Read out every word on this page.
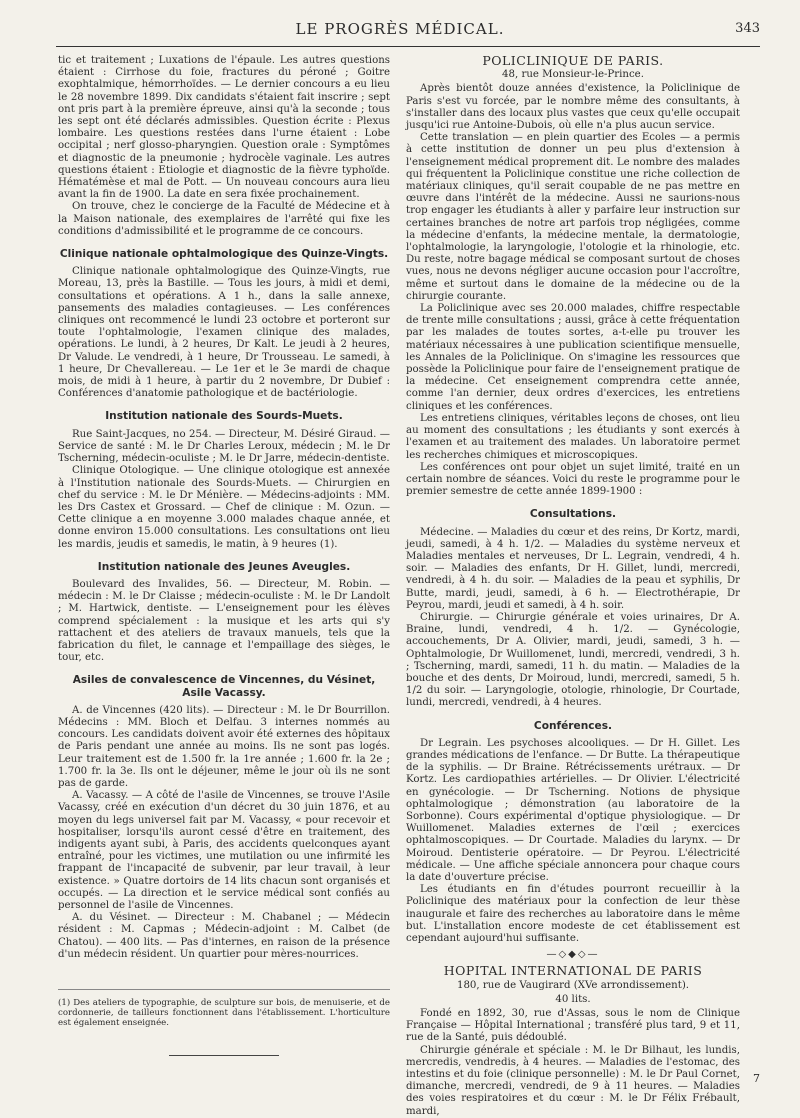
LE PROGRÈS MÉDICAL.	343

tic et traitement ; Luxations de l'épaule. Les autres questions étaient : Cirrhose du foie, fractures du péroné ; Goitre exophtalmique, hémorrhoïdes. — Le dernier concours a eu lieu le 28 novembre 1899. Dix candidats s'étaient fait inscrire ; sept ont pris part à la première épreuve, ainsi qu'à la seconde ; tous les sept ont été déclarés admissibles. Question écrite : Plexus lombaire. Les questions restées dans l'urne étaient : Lobe occipital ; nerf glosso-pharyngien. Question orale : Symptômes et diagnostic de la pneumonie ; hydrocèle vaginale. Les autres questions étaient : Etiologie et diagnostic de la fièvre typhoïde. Hématémèse et mal de Pott. — Un nouveau concours aura lieu avant la fin de 1900. La date en sera fixée prochainement.

On trouve, chez le concierge de la Faculté de Médecine et à la Maison nationale, des exemplaires de l'arrêté qui fixe les conditions d'admissibilité et le programme de ce concours.

Clinique nationale ophtalmologique des Quinze-Vingts.

Clinique nationale ophtalmologique des Quinze-Vingts, rue Moreau, 13, près la Bastille. — Tous les jours, à midi et demi, consultations et opérations. A 1 h., dans la salle annexe, pansements des maladies contagieuses. — Les conférences cliniques ont recommencé le lundi 23 octobre et porteront sur toute l'ophtalmologie, l'examen clinique des malades, opérations. Le lundi, à 2 heures, Dr Kalt. Le jeudi à 2 heures, Dr Valude. Le vendredi, à 1 heure, Dr Trousseau. Le samedi, à 1 heure, Dr Chevallereau. — Le 1er et le 3e mardi de chaque mois, de midi à 1 heure, à partir du 2 novembre, Dr Dubief : Conférences d'anatomie pathologique et de bactériologie.

Institution nationale des Sourds-Muets.

Rue Saint-Jacques, no 254. — Directeur, M. Désiré Giraud. — Service de santé : M. le Dr Charles Leroux, médecin ; M. le Dr Tscherning, médecin-oculiste ; M. le Dr Jarre, médecin-dentiste.

Clinique Otologique. — Une clinique otologique est annexée à l'Institution nationale des Sourds-Muets. — Chirurgien en chef du service : M. le Dr Ménière. — Médecins-adjoints : MM. les Drs Castex et Grossard. — Chef de clinique : M. Ozun. — Cette clinique a en moyenne 3.000 malades chaque année, et donne environ 15.000 consultations. Les consultations ont lieu les mardis, jeudis et samedis, le matin, à 9 heures (1).

Institution nationale des Jeunes Aveugles.

Boulevard des Invalides, 56. — Directeur, M. Robin. — médecin : M. le Dr Claisse ; médecin-oculiste : M. le Dr Landolt ; M. Hartwick, dentiste. — L'enseignement pour les élèves comprend spécialement : la musique et les arts qui s'y rattachent et des ateliers de travaux manuels, tels que la fabrication du filet, le cannage et l'empaillage des sièges, le tour, etc.

Asiles de convalescence de Vincennes, du Vésinet,
Asile Vacassy.

A. de Vincennes (420 lits). — Directeur : M. le Dr Bourrillon. Médecins : MM. Bloch et Delfau. 3 internes nommés au concours. Les candidats doivent avoir été externes des hôpitaux de Paris pendant une année au moins. Ils ne sont pas logés. Leur traitement est de 1.500 fr. la 1re année ; 1.600 fr. la 2e ; 1.700 fr. la 3e. Ils ont le déjeuner, même le jour où ils ne sont pas de garde.

A. Vacassy. — A côté de l'asile de Vincennes, se trouve l'Asile Vacassy, créé en exécution d'un décret du 30 juin 1876, et au moyen du legs universel fait par M. Vacassy, « pour recevoir et hospitaliser, lorsqu'ils auront cessé d'être en traitement, des indigents ayant subi, à Paris, des accidents quelconques ayant entraîné, pour les victimes, une mutilation ou une infirmité les frappant de l'incapacité de subvenir, par leur travail, à leur existence. » Quatre dortoirs de 14 lits chacun sont organisés et occupés. — La direction et le service médical sont confiés au personnel de l'asile de Vincennes.

A. du Vésinet. — Directeur : M. Chabanel ; — Médecin résident : M. Capmas ; Médecin-adjoint : M. Calbet (de Chatou). — 400 lits. — Pas d'internes, en raison de la présence d'un médecin résident. Un quartier pour mères-nourrices.

(1) Des ateliers de typographie, de sculpture sur bois, de menuiserie, et de cordonnerie, de tailleurs fonctionnent dans l'établissement. L'horticulture est également enseignée.
POLICLINIQUE DE PARIS.
48, rue Monsieur-le-Prince.

Après bientôt douze années d'existence, la Policlinique de Paris s'est vu forcée, par le nombre même des consultants, à s'installer dans des locaux plus vastes que ceux qu'elle occupait jusqu'ici rue Antoine-Dubois, où elle n'a plus aucun service.

Cette translation — en plein quartier des Ecoles — a permis à cette institution de donner un peu plus d'extension à l'enseignement médical proprement dit. Le nombre des malades qui fréquentent la Policlinique constitue une riche collection de matériaux cliniques, qu'il serait coupable de ne pas mettre en œuvre dans l'intérêt de la médecine. Aussi ne saurions-nous trop engager les étudiants à aller y parfaire leur instruction sur certaines branches de notre art parfois trop négligées, comme la médecine d'enfants, la médecine mentale, la dermatologie, l'ophtalmologie, la laryngologie, l'otologie et la rhinologie, etc. Du reste, notre bagage médical se composant surtout de choses vues, nous ne devons négliger aucune occasion pour l'accroître, même et surtout dans le domaine de la médecine ou de la chirurgie courante.

La Policlinique avec ses 20.000 malades, chiffre respectable de trente mille consultations ; aussi, grâce à cette fréquentation par les malades de toutes sortes, a-t-elle pu trouver les matériaux nécessaires à une publication scientifique mensuelle, les Annales de la Policlinique. On s'imagine les ressources que possède la Policlinique pour faire de l'enseignement pratique de la médecine. Cet enseignement comprendra cette année, comme l'an dernier, deux ordres d'exercices, les entretiens cliniques et les conférences.

Les entretiens cliniques, véritables leçons de choses, ont lieu au moment des consultations ; les étudiants y sont exercés à l'examen et au traitement des malades. Un laboratoire permet les recherches chimiques et microscopiques.

Les conférences ont pour objet un sujet limité, traité en un certain nombre de séances. Voici du reste le programme pour le premier semestre de cette année 1899-1900 :

Consultations.

Médecine. — Maladies du cœur et des reins, Dr Kortz, mardi, jeudi, samedi, à 4 h. 1/2. — Maladies du système nerveux et Maladies mentales et nerveuses, Dr L. Legrain, vendredi, 4 h. soir. — Maladies des enfants, Dr H. Gillet, lundi, mercredi, vendredi, à 4 h. du soir. — Maladies de la peau et syphilis, Dr Butte, mardi, jeudi, samedi, à 6 h. — Electrothérapie, Dr Peyrou, mardi, jeudi et samedi, à 4 h. soir.

Chirurgie. — Chirurgie générale et voies urinaires, Dr A. Braine, lundi, vendredi, 4 h. 1/2. — Gynécologie, accouchements, Dr A. Olivier, mardi, jeudi, samedi, 3 h. — Ophtalmologie, Dr Wuillomenet, lundi, mercredi, vendredi, 3 h. ; Tscherning, mardi, samedi, 11 h. du matin. — Maladies de la bouche et des dents, Dr Moiroud, lundi, mercredi, samedi, 5 h. 1/2 du soir. — Laryngologie, otologie, rhinologie, Dr Courtade, lundi, mercredi, vendredi, à 4 heures.

Conférences.

Dr Legrain. Les psychoses alcooliques. — Dr H. Gillet. Les grandes médications de l'enfance. — Dr Butte. La thérapeutique de la syphilis. — Dr Braine. Rétrécissements urétraux. — Dr Kortz. Les cardiopathies artérielles. — Dr Olivier. L'électricité en gynécologie. — Dr Tscherning. Notions de physique ophtalmologique ; démonstration (au laboratoire de la Sorbonne). Cours expérimental d'optique physiologique. — Dr Wuillomenet. Maladies externes de l'œil ; exercices ophtalmoscopiques. — Dr Courtade. Maladies du larynx. — Dr Moiroud. Dentisterie opératoire. — Dr Peyrou. L'électricité médicale. — Une affiche spéciale annoncera pour chaque cours la date d'ouverture précise.

Les étudiants en fin d'études pourront recueillir à la Policlinique des matériaux pour la confection de leur thèse inaugurale et faire des recherches au laboratoire dans le même but. L'installation encore modeste de cet établissement est cependant aujourd'hui suffisante.

—◇◆◇—
HOPITAL INTERNATIONAL DE PARIS
180, rue de Vaugirard (XVe arrondissement).
40 lits.

Fondé en 1892, 30, rue d'Assas, sous le nom de Clinique Française — Hôpital International ; transféré plus tard, 9 et 11, rue de la Santé, puis dédoublé.

Chirurgie générale et spéciale : M. le Dr Bilhaut, les lundis, mercredis, vendredis, à 4 heures. — Maladies de l'estomac, des intestins et du foie (clinique personnelle) : M. le Dr Paul Cornet, dimanche, mercredi, vendredi, de 9 à 11 heures. — Maladies des voies respiratoires et du cœur : M. le Dr Félix Frébault, mardi,

7
